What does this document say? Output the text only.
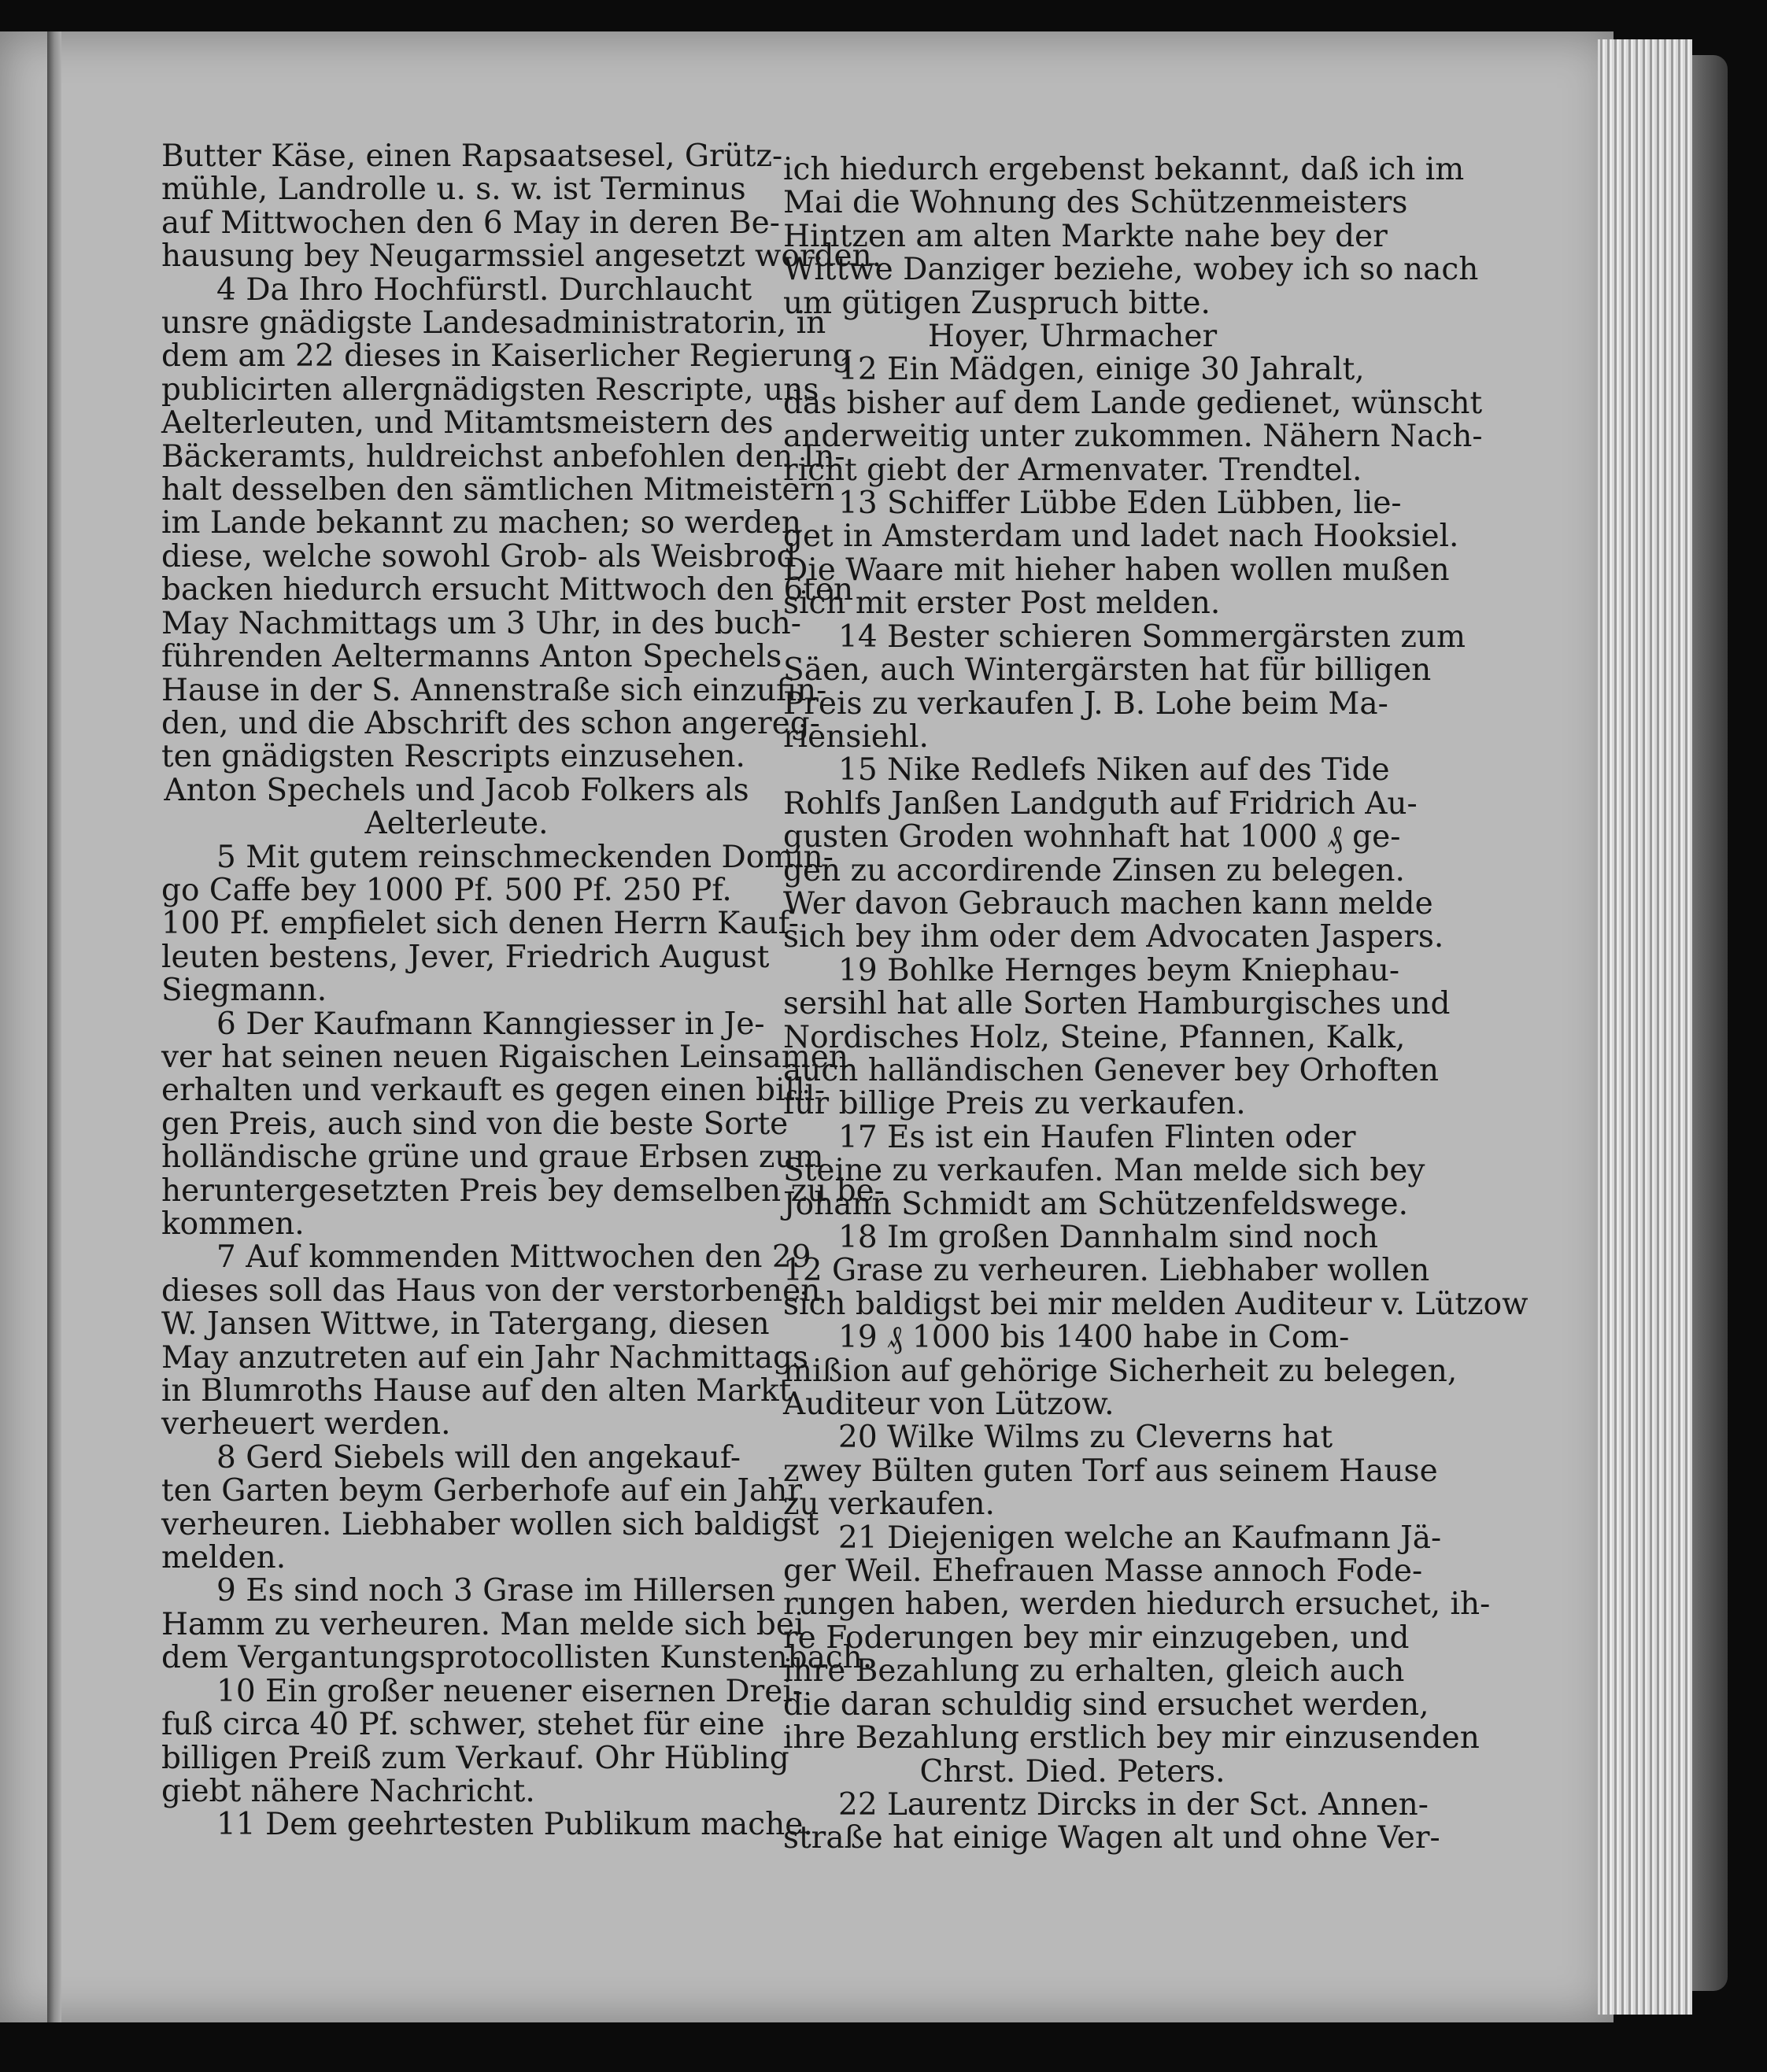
Butter Käse, einen Rapsaatsesel, Grütz-

mühle, Landrolle u. s. w. ist Terminus

auf Mittwochen den 6 May in deren Be-

hausung bey Neugarmssiel angesetzt worden.

4 Da Ihro Hochfürstl. Durchlaucht

unsre gnädigste Landesadministratorin, in

dem am 22 dieses in Kaiserlicher Regierung

publicirten allergnädigsten Rescripte, uns

Aelterleuten, und Mitamtsmeistern des

Bäckeramts, huldreichst anbefohlen den In-

halt desselben den sämtlichen Mitmeistern

im Lande bekannt zu machen; so werden

diese, welche sowohl Grob- als Weisbrod

backen hiedurch ersucht Mittwoch den 6ten

May Nachmittags um 3 Uhr, in des buch-

führenden Aeltermanns Anton Spechels

Hause in der S. Annenstraße sich einzufin-

den, und die Abschrift des schon angereg-

ten gnädigsten Rescripts einzusehen.

Anton Spechels und Jacob Folkers als

Aelterleute.

5 Mit gutem reinschmeckenden Domin-

go Caffe bey 1000 Pf. 500 Pf. 250 Pf.

100 Pf. empfielet sich denen Herrn Kauf-

leuten bestens, Jever, Friedrich August

Siegmann.

6 Der Kaufmann Kanngiesser in Je-

ver hat seinen neuen Rigaischen Leinsamen

erhalten und verkauft es gegen einen billi-

gen Preis, auch sind von die beste Sorte

holländische grüne und graue Erbsen zum

heruntergesetzten Preis bey demselben zu be-

kommen.

7 Auf kommenden Mittwochen den 29

dieses soll das Haus von der verstorbenen

W. Jansen Wittwe, in Tatergang, diesen

May anzutreten auf ein Jahr Nachmittags

in Blumroths Hause auf den alten Markt

verheuert werden.

8 Gerd Siebels will den angekauf-

ten Garten beym Gerberhofe auf ein Jahr

verheuren. Liebhaber wollen sich baldigst

melden.

9 Es sind noch 3 Grase im Hillersen

Hamm zu verheuren. Man melde sich bei

dem Vergantungsprotocollisten Kunstenbach.

10 Ein großer neuener eisernen Drei-

fuß circa 40 Pf. schwer, stehet für eine

billigen Preiß zum Verkauf. Ohr Hübling

giebt nähere Nachricht.

11 Dem geehrtesten Publikum mache.

ich hiedurch ergebenst bekannt, daß ich im

Mai die Wohnung des Schützenmeisters

Hintzen am alten Markte nahe bey der

Wittwe Danziger beziehe, wobey ich so nach

um gütigen Zuspruch bitte.

Hoyer, Uhrmacher

12 Ein Mädgen, einige 30 Jahralt,

das bisher auf dem Lande gedienet, wünscht

anderweitig unter zukommen. Nähern Nach-

richt giebt der Armenvater. Trendtel.

13 Schiffer Lübbe Eden Lübben, lie-

get in Amsterdam und ladet nach Hooksiel.

Die Waare mit hieher haben wollen mußen

sich mit erster Post melden.

14 Bester schieren Sommergärsten zum

Säen, auch Wintergärsten hat für billigen

Preis zu verkaufen J. B. Lohe beim Ma-

riensiehl.

15 Nike Redlefs Niken auf des Tide

Rohlfs Janßen Landguth auf Fridrich Au-

gusten Groden wohnhaft hat 1000 ₰ ge-

gen zu accordirende Zinsen zu belegen.

Wer davon Gebrauch machen kann melde

sich bey ihm oder dem Advocaten Jaspers.

19 Bohlke Hernges beym Kniephau-

sersihl hat alle Sorten Hamburgisches und

Nordisches Holz, Steine, Pfannen, Kalk,

auch halländischen Genever bey Orhoften

für billige Preis zu verkaufen.

17 Es ist ein Haufen Flinten oder

Steine zu verkaufen. Man melde sich bey

Johann Schmidt am Schützenfeldswege.

18 Im großen Dannhalm sind noch

12 Grase zu verheuren. Liebhaber wollen

sich baldigst bei mir melden Auditeur v. Lützow

19 ₰ 1000 bis 1400 habe in Com-

mißion auf gehörige Sicherheit zu belegen,

Auditeur von Lützow.

20 Wilke Wilms zu Cleverns hat

zwey Bülten guten Torf aus seinem Hause

zu verkaufen.

21 Diejenigen welche an Kaufmann Jä-

ger Weil. Ehefrauen Masse annoch Fode-

rungen haben, werden hiedurch ersuchet, ih-

re Foderungen bey mir einzugeben, und

ihre Bezahlung zu erhalten, gleich auch

die daran schuldig sind ersuchet werden,

ihre Bezahlung erstlich bey mir einzusenden

Chrst. Died. Peters.

22 Laurentz Dircks in der Sct. Annen-

straße hat einige Wagen alt und ohne Ver-
